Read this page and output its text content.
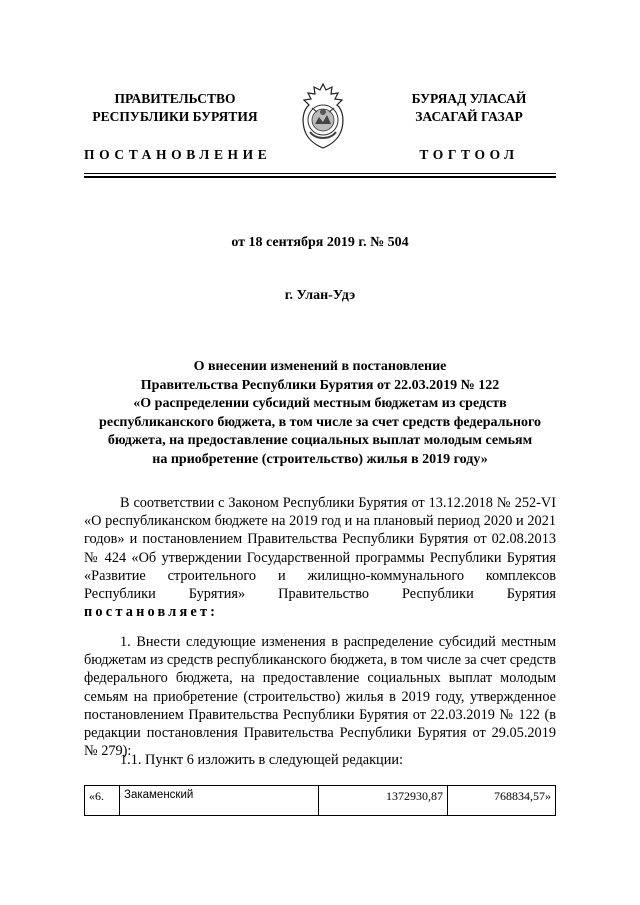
ПРАВИТЕЛЬСТВО
РЕСПУБЛИКИ БУРЯТИЯ
ПОСТАНОВЛЕНИЕ
БУРЯАД УЛАСАЙ
ЗАСАГАЙ ГАЗАР
ТОГТООЛ
от 18 сентября 2019 г. № 504
г. Улан-Удэ
О внесении изменений в постановление
Правительства Республики Бурятия от 22.03.2019 № 122
«О распределении субсидий местным бюджетам из средств
республиканского бюджета, в том числе за счет средств федерального
бюджета, на предоставление социальных выплат молодым семьям
на приобретение (строительство) жилья в 2019 году»
В соответствии с Законом Республики Бурятия от 13.12.2018 № 252-VI «О республиканском бюджете на 2019 год и на плановый период 2020 и 2021 годов» и постановлением Правительства Республики Бурятия от 02.08.2013 № 424 «Об утверждении Государственной программы Республики Бурятия «Развитие строительного и жилищно-коммунального комплексов Республики Бурятия» Правительство Республики Бурятия постановляет:
1. Внести следующие изменения в распределение субсидий местным бюджетам из средств республиканского бюджета, в том числе за счет средств федерального бюджета, на предоставление социальных выплат молодым семьям на приобретение (строительство) жилья в 2019 году, утвержденное постановлением Правительства Республики Бурятия от 22.03.2019 № 122 (в редакции постановления Правительства Республики Бурятия от 29.05.2019 № 279):
1.1. Пункт 6 изложить в следующей редакции:
«6.	Закаменский	1372930,87	768834,57»
